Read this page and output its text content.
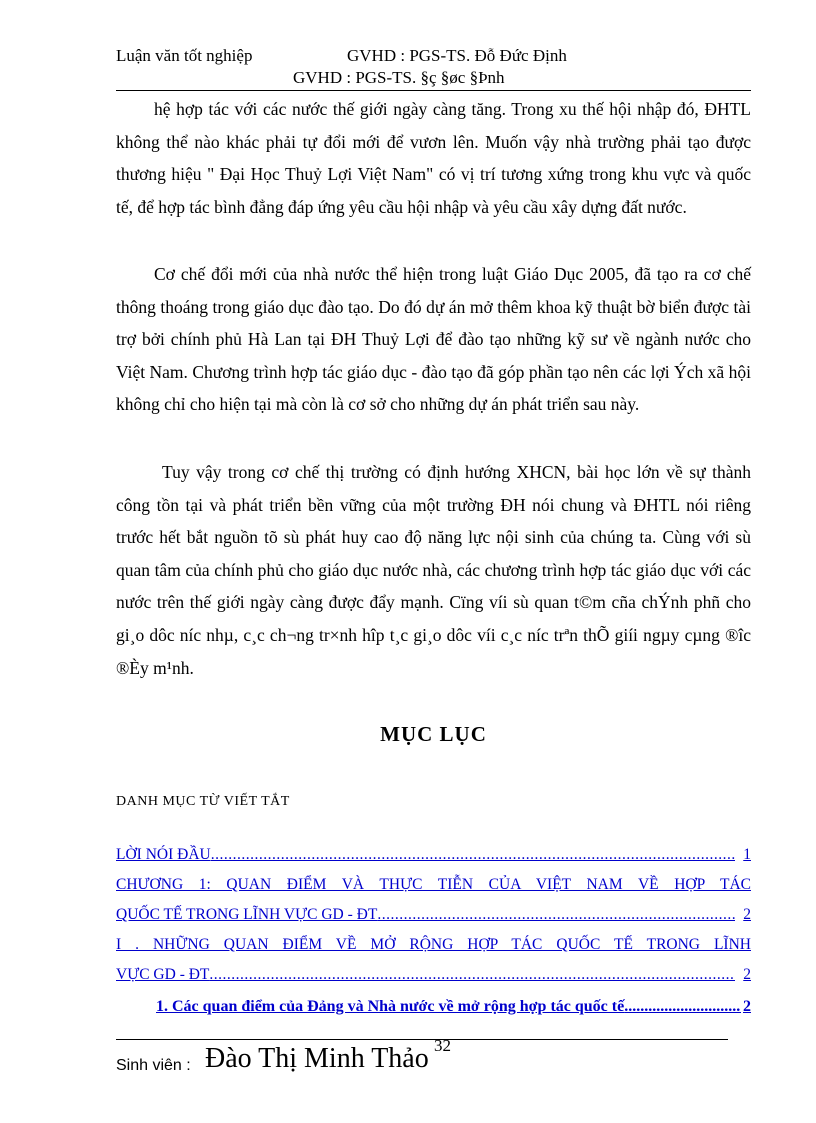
Luận văn tốt nghiệp	GVHD : PGS-TS. Đỗ Đức Định
GVHD : PGS-TS. §ç §øc §Þnh

hệ hợp tác với các nước thế giới ngày càng tăng. Trong xu thế hội nhập đó, ĐHTL không thể nào khác phải tự đổi mới để vươn lên. Muốn vậy nhà trường phải tạo được thương hiệu " Đại Học Thuỷ Lợi Việt Nam" có vị trí tương xứng trong khu vực và quốc tế, để hợp tác bình đẳng đáp ứng yêu cầu hội nhập và yêu cầu xây dựng đất nước.

Cơ chế đổi mới của nhà nước thể hiện trong luật Giáo Dục 2005, đã tạo ra cơ chế thông thoáng trong giáo dục đào tạo. Do đó dự án mở thêm khoa kỹ thuật bờ biển được tài trợ bởi chính phủ Hà Lan tại ĐH Thuỷ Lợi để đào tạo những kỹ sư về ngành nước cho Việt Nam. Chương trình hợp tác giáo dục - đào tạo đã góp phần tạo nên các lợi Ých xã hội không chỉ cho hiện tại mà còn là cơ sở cho những dự án phát triển sau này.

Tuy vậy trong cơ chế thị trường có định hướng XHCN, bài học lớn về sự thành công tồn tại và phát triển bền vững của một trường ĐH nói chung và ĐHTL nói riêng trước hết bắt nguồn tõ sù phát huy cao độ năng lực nội sinh của chúng ta. Cùng với sù quan tâm của chính phủ cho giáo dục nước nhà, các chương trình hợp tác giáo dục với các nước trên thế giới ngày càng được đẩy mạnh. Cïng víi sù quan t©m cña chÝnh phñ cho gi¸o dôc níc nhµ, c¸c ch¬ng tr×nh hîp t¸c gi¸o dôc víi c¸c níc trªn thÕ giíi ngµy cµng ®îc ®Èy m¹nh.

MỤC LỤC
DANH MỤC TỪ VIẾT TẮT
LỜI NÓI ĐẦU .....	1
CHƯƠNG 1: QUAN ĐIỂM VÀ THỰC TIỄN CỦA VIỆT NAM VỀ HỢP TÁC
QUỐC TẾ TRONG LĨNH VỰC GD - ĐT .....	2
I . NHỮNG QUAN ĐIỂM VỀ MỞ RỘNG HỢP TÁC QUỐC TẾ TRONG LĨNH
VỰC GD - ĐT .....	2
1. Các quan điểm của Đảng và Nhà nước về mở rộng hợp tác quốc tế .....	2
32
Sinh viên : Đào Thị Minh Thảo
